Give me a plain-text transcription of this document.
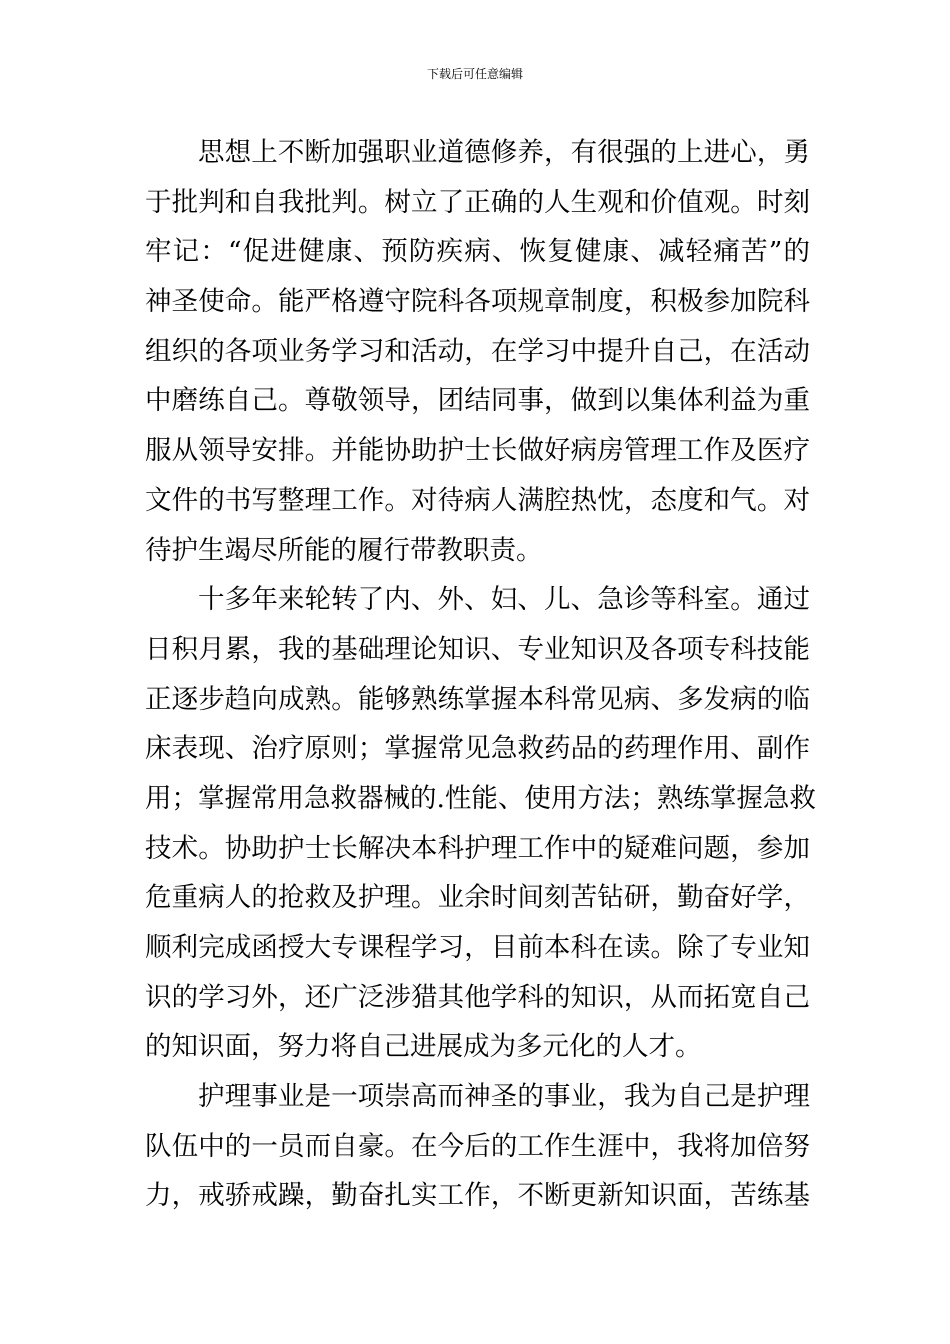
下载后可任意编辑
思想上不断加强职业道德修养，有很强的上进心，勇
于批判和自我批判。树立了正确的人生观和价值观。时刻
牢记：“促进健康、预防疾病、恢复健康、减轻痛苦”的
神圣使命。能严格遵守院科各项规章制度，积极参加院科
组织的各项业务学习和活动，在学习中提升自己，在活动
中磨练自己。尊敬领导，团结同事，做到以集体利益为重
服从领导安排。并能协助护士长做好病房管理工作及医疗
文件的书写整理工作。对待病人满腔热忱，态度和气。对
待护生竭尽所能的履行带教职责。
十多年来轮转了内、外、妇、儿、急诊等科室。通过
日积月累，我的基础理论知识、专业知识及各项专科技能
正逐步趋向成熟。能够熟练掌握本科常见病、多发病的临
床表现、治疗原则；掌握常见急救药品的药理作用、副作
用；掌握常用急救器械的.性能、使用方法；熟练掌握急救
技术。协助护士长解决本科护理工作中的疑难问题，参加
危重病人的抢救及护理。业余时间刻苦钻研，勤奋好学，
顺利完成函授大专课程学习，目前本科在读。除了专业知
识的学习外，还广泛涉猎其他学科的知识，从而拓宽自己
的知识面，努力将自己进展成为多元化的人才。
护理事业是一项崇高而神圣的事业，我为自己是护理
队伍中的一员而自豪。在今后的工作生涯中，我将加倍努
力，戒骄戒躁，勤奋扎实工作，不断更新知识面，苦练基
